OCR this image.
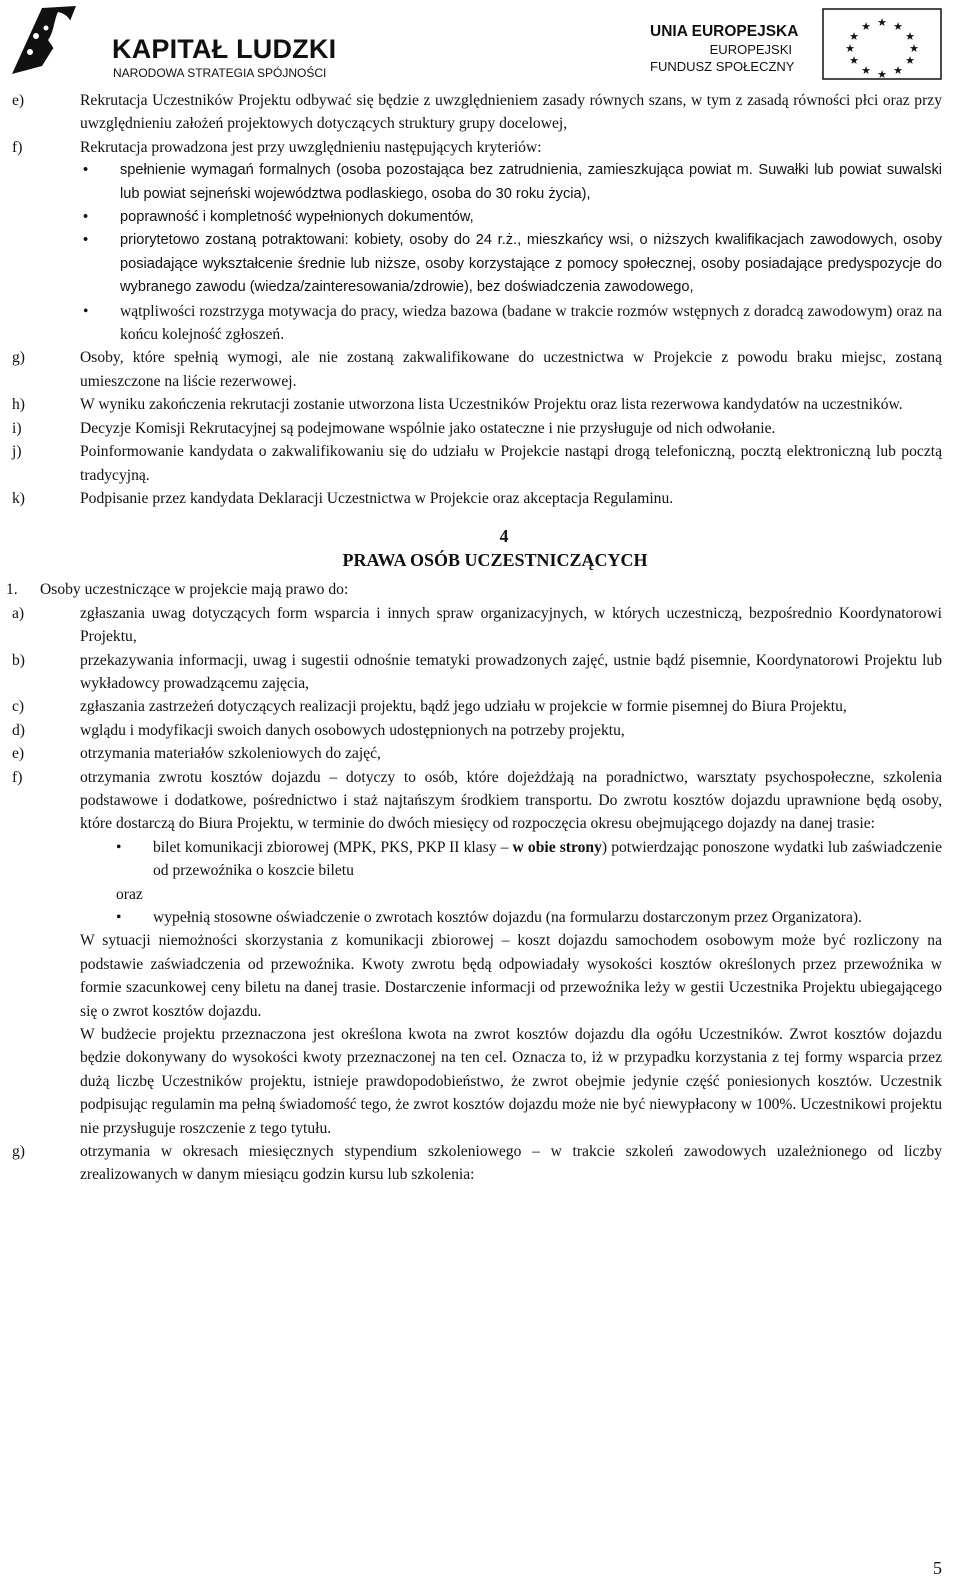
KAPITAŁ LUDZKI
NARODOWA STRATEGIA SPÓJNOŚCI
UNIA EUROPEJSKA
EUROPEJSKI
FUNDUSZ SPOŁECZNY
★ ★
★
★
★
★
★
★
★
★
★
★
e)	Rekrutacja Uczestników Projektu odbywać się będzie z uwzględnieniem zasady równych szans, w tym z zasadą równości płci oraz przy uwzględnieniu założeń projektowych dotyczących struktury grupy docelowej,
f)	Rekrutacja prowadzona jest przy uwzględnieniu następujących kryteriów:
• spełnienie wymagań formalnych (osoba pozostająca bez zatrudnienia, zamieszkująca powiat m. Suwałki lub powiat suwalski lub powiat sejneński województwa podlaskiego, osoba do 30 roku życia),
• poprawność i kompletność wypełnionych dokumentów,
• priorytetowo zostaną potraktowani: kobiety, osoby do 24 r.ż., mieszkańcy wsi, o niższych kwalifikacjach zawodowych, osoby posiadające wykształcenie średnie lub niższe, osoby korzystające z pomocy społecznej, osoby posiadające predyspozycje do wybranego zawodu (wiedza/zainteresowania/zdrowie), bez doświadczenia zawodowego,
• wątpliwości rozstrzyga motywacja do pracy, wiedza bazowa (badane w trakcie rozmów wstępnych z doradcą zawodowym) oraz na końcu kolejność zgłoszeń.
g)	Osoby, które spełnią wymogi, ale nie zostaną zakwalifikowane do uczestnictwa w Projekcie z powodu braku miejsc, zostaną umieszczone na liście rezerwowej.
h)	W wyniku zakończenia rekrutacji zostanie utworzona lista Uczestników Projektu oraz lista rezerwowa kandydatów na uczestników.
i)	Decyzje Komisji Rekrutacyjnej są podejmowane wspólnie jako ostateczne i nie przysługuje od nich odwołanie.
j)	Poinformowanie kandydata o zakwalifikowaniu się do udziału w Projekcie nastąpi drogą telefoniczną, pocztą elektroniczną lub pocztą tradycyjną.
k)	Podpisanie przez kandydata Deklaracji Uczestnictwa w Projekcie oraz akceptacja Regulaminu.
4
PRAWA OSÓB UCZESTNICZĄCYCH
1. Osoby uczestniczące w projekcie mają prawo do:
a)	zgłaszania uwag dotyczących form wsparcia i innych spraw organizacyjnych, w których uczestniczą, bezpośrednio Koordynatorowi Projektu,
b)	przekazywania informacji, uwag i sugestii odnośnie tematyki prowadzonych zajęć, ustnie bądź pisemnie, Koordynatorowi Projektu lub wykładowcy prowadzącemu zajęcia,
c)	zgłaszania zastrzeżeń dotyczących realizacji projektu, bądź jego udziału w projekcie w formie pisemnej do Biura Projektu,
d)	wglądu i modyfikacji swoich danych osobowych udostępnionych na potrzeby projektu,
e)	otrzymania materiałów szkoleniowych do zajęć,
f)	otrzymania zwrotu kosztów dojazdu – dotyczy to osób, które dojeżdżają na poradnictwo, warsztaty psychospołeczne, szkolenia podstawowe i dodatkowe, pośrednictwo i staż najtańszym środkiem transportu. Do zwrotu kosztów dojazdu uprawnione będą osoby, które dostarczą do Biura Projektu, w terminie do dwóch miesięcy od rozpoczęcia okresu obejmującego dojazdy na danej trasie:
• bilet komunikacji zbiorowej (MPK, PKS, PKP II klasy – w obie strony) potwierdzając ponoszone wydatki lub zaświadczenie od przewoźnika o koszcie biletu
oraz
• wypełnią stosowne oświadczenie o zwrotach kosztów dojazdu (na formularzu dostarczonym przez Organizatora).
W sytuacji niemożności skorzystania z komunikacji zbiorowej – koszt dojazdu samochodem osobowym może być rozliczony na podstawie zaświadczenia od przewoźnika. Kwoty zwrotu będą odpowiadały wysokości kosztów określonych przez przewoźnika w formie szacunkowej ceny biletu na danej trasie. Dostarczenie informacji od przewoźnika leży w gestii Uczestnika Projektu ubiegającego się o zwrot kosztów dojazdu.
W budżecie projektu przeznaczona jest określona kwota na zwrot kosztów dojazdu dla ogółu Uczestników. Zwrot kosztów dojazdu będzie dokonywany do wysokości kwoty przeznaczonej na ten cel. Oznacza to, iż w przypadku korzystania z tej formy wsparcia przez dużą liczbę Uczestników projektu, istnieje prawdopodobieństwo, że zwrot obejmie jedynie część poniesionych kosztów. Uczestnik podpisując regulamin ma pełną świadomość tego, że zwrot kosztów dojazdu może nie być niewypłacony w 100%. Uczestnikowi projektu nie przysługuje roszczenie z tego tytułu.
g)	otrzymania w okresach miesięcznych stypendium szkoleniowego – w trakcie szkoleń zawodowych uzależnionego od liczby zrealizowanych w danym miesiącu godzin kursu lub szkolenia:
5
